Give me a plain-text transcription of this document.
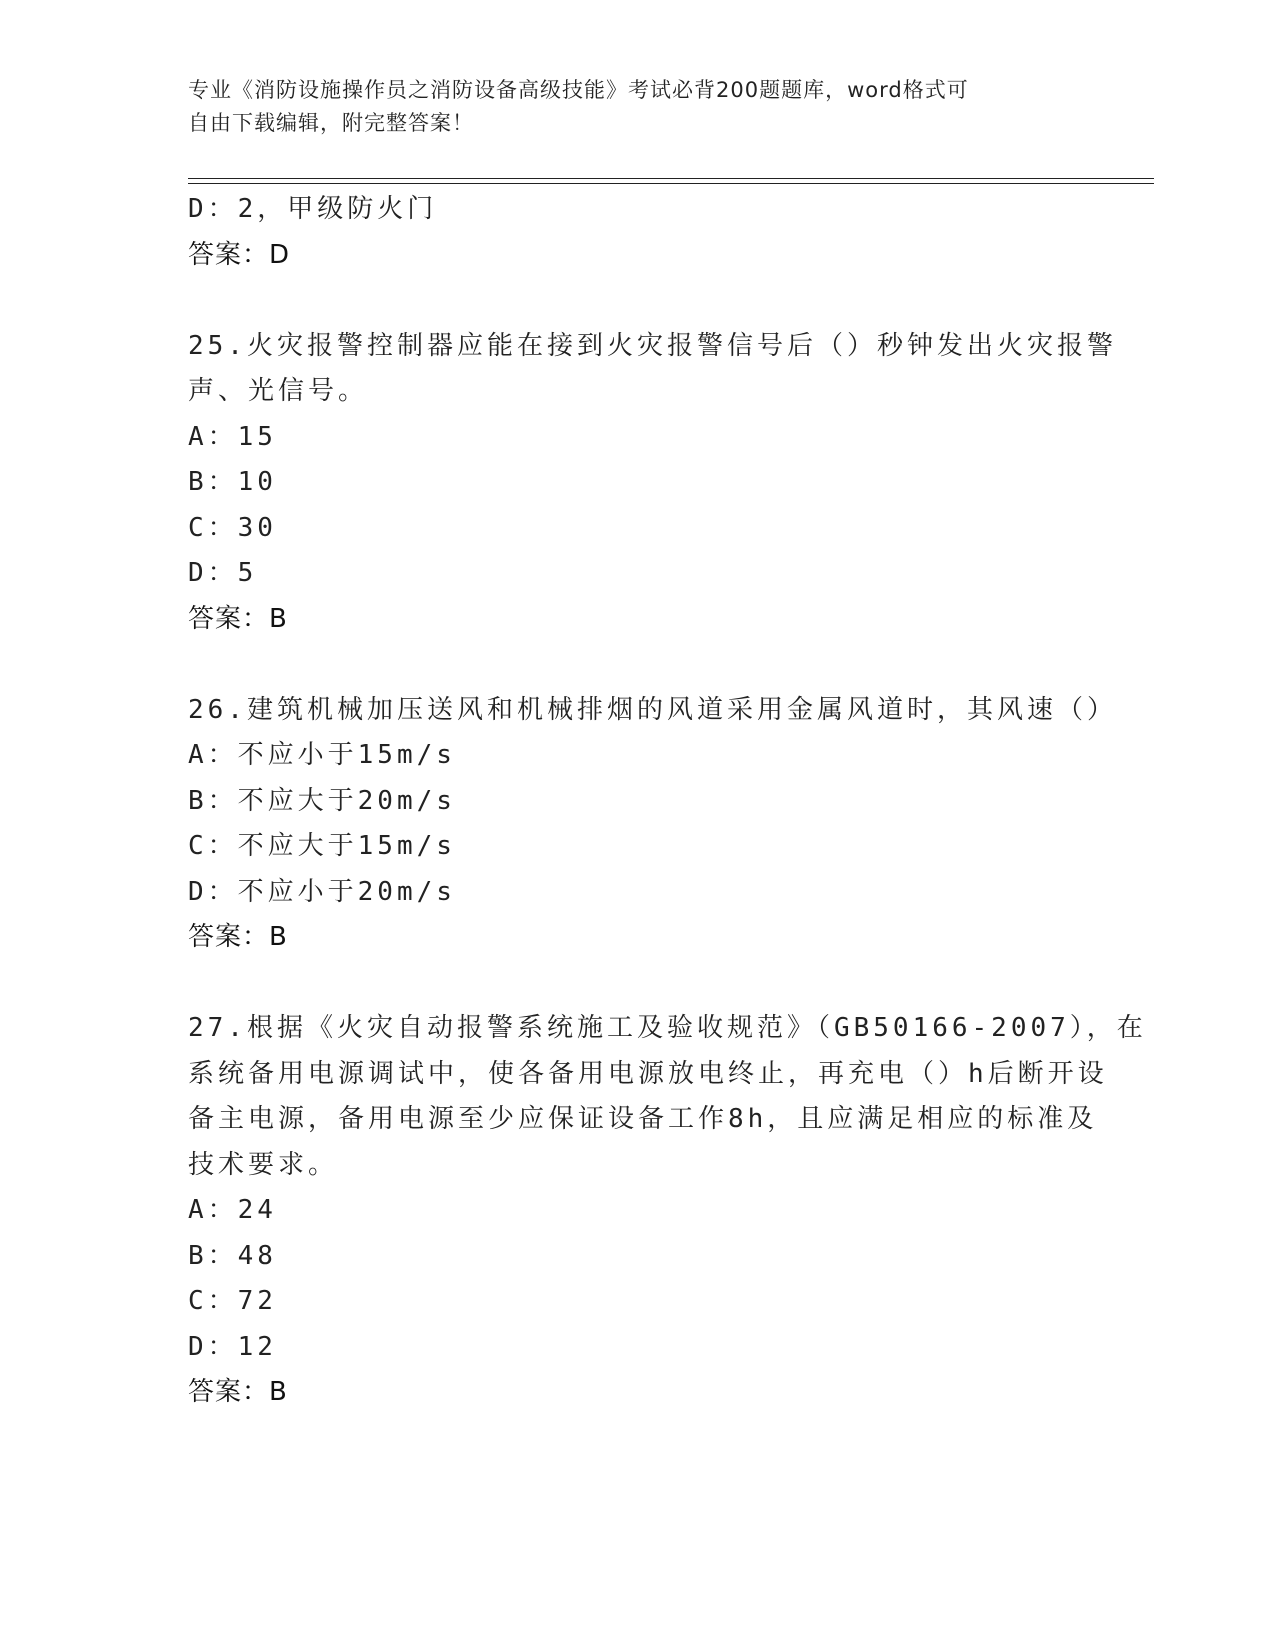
专业《消防设施操作员之消防设备高级技能》考试必背200题题库，word格式可
自由下载编辑，附完整答案！
D：2，甲级防火门
答案：D
25.火灾报警控制器应能在接到火灾报警信号后（）秒钟发出火灾报警
声、光信号。
A：15
B：10
C：30
D：5
答案：B
26.建筑机械加压送风和机械排烟的风道采用金属风道时，其风速（）
A：不应小于15m/s
B：不应大于20m/s
C：不应大于15m/s
D：不应小于20m/s
答案：B
27.根据《火灾自动报警系统施工及验收规范》（GB50166-2007），在
系统备用电源调试中，使各备用电源放电终止，再充电（）h后断开设
备主电源，备用电源至少应保证设备工作8h，且应满足相应的标准及
技术要求。
A：24
B：48
C：72
D：12
答案：B
